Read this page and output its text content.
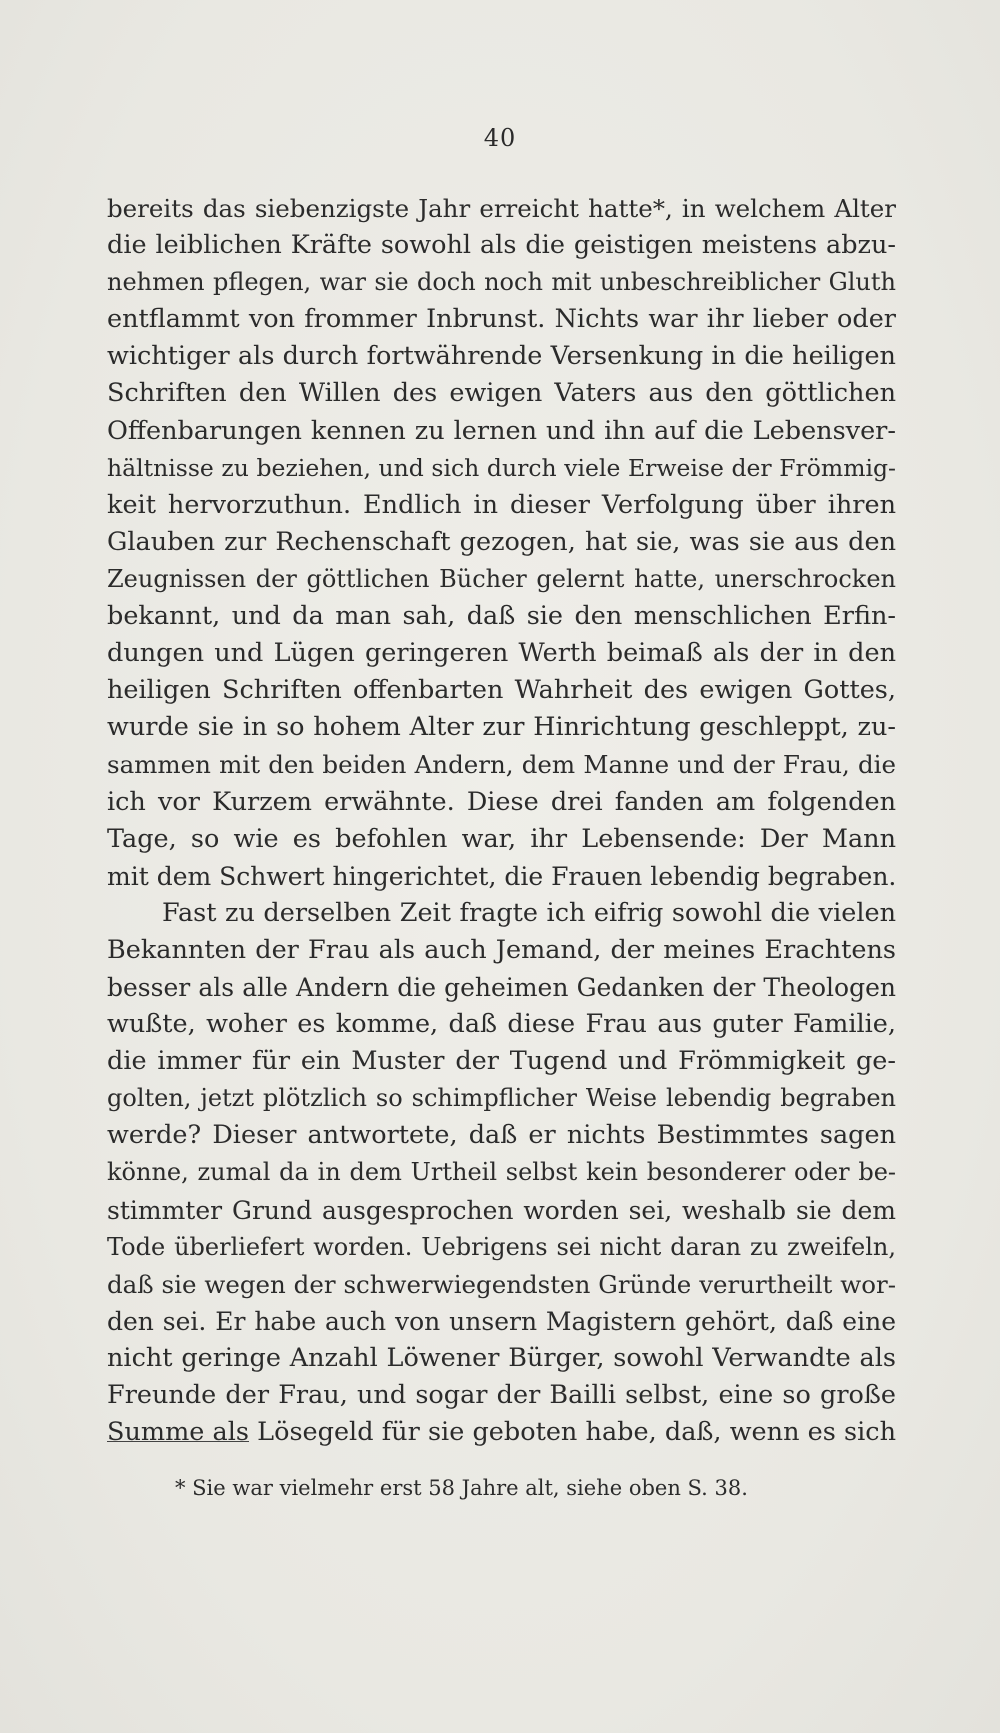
40
bereits das siebenzigste Jahr erreicht hatte*, in welchem Alter
die leiblichen Kräfte sowohl als die geistigen meistens abzu-
nehmen pflegen, war sie doch noch mit unbeschreiblicher Gluth
entflammt von frommer Inbrunst. Nichts war ihr lieber oder
wichtiger als durch fortwährende Versenkung in die heiligen
Schriften den Willen des ewigen Vaters aus den göttlichen
Offenbarungen kennen zu lernen und ihn auf die Lebensver-
hältnisse zu beziehen, und sich durch viele Erweise der Frömmig-
keit hervorzuthun. Endlich in dieser Verfolgung über ihren
Glauben zur Rechenschaft gezogen, hat sie, was sie aus den
Zeugnissen der göttlichen Bücher gelernt hatte, unerschrocken
bekannt, und da man sah, daß sie den menschlichen Erfin-
dungen und Lügen geringeren Werth beimaß als der in den
heiligen Schriften offenbarten Wahrheit des ewigen Gottes,
wurde sie in so hohem Alter zur Hinrichtung geschleppt, zu-
sammen mit den beiden Andern, dem Manne und der Frau, die
ich vor Kurzem erwähnte. Diese drei fanden am folgenden
Tage, so wie es befohlen war, ihr Lebensende: Der Mann
mit dem Schwert hingerichtet, die Frauen lebendig begraben.
Fast zu derselben Zeit fragte ich eifrig sowohl die vielen
Bekannten der Frau als auch Jemand, der meines Erachtens
besser als alle Andern die geheimen Gedanken der Theologen
wußte, woher es komme, daß diese Frau aus guter Familie,
die immer für ein Muster der Tugend und Frömmigkeit ge-
golten, jetzt plötzlich so schimpflicher Weise lebendig begraben
werde? Dieser antwortete, daß er nichts Bestimmtes sagen
könne, zumal da in dem Urtheil selbst kein besonderer oder be-
stimmter Grund ausgesprochen worden sei, weshalb sie dem
Tode überliefert worden. Uebrigens sei nicht daran zu zweifeln,
daß sie wegen der schwerwiegendsten Gründe verurtheilt wor-
den sei. Er habe auch von unsern Magistern gehört, daß eine
nicht geringe Anzahl Löwener Bürger, sowohl Verwandte als
Freunde der Frau, und sogar der Bailli selbst, eine so große
Summe als Lösegeld für sie geboten habe, daß, wenn es sich
* Sie war vielmehr erst 58 Jahre alt, siehe oben S. 38.
